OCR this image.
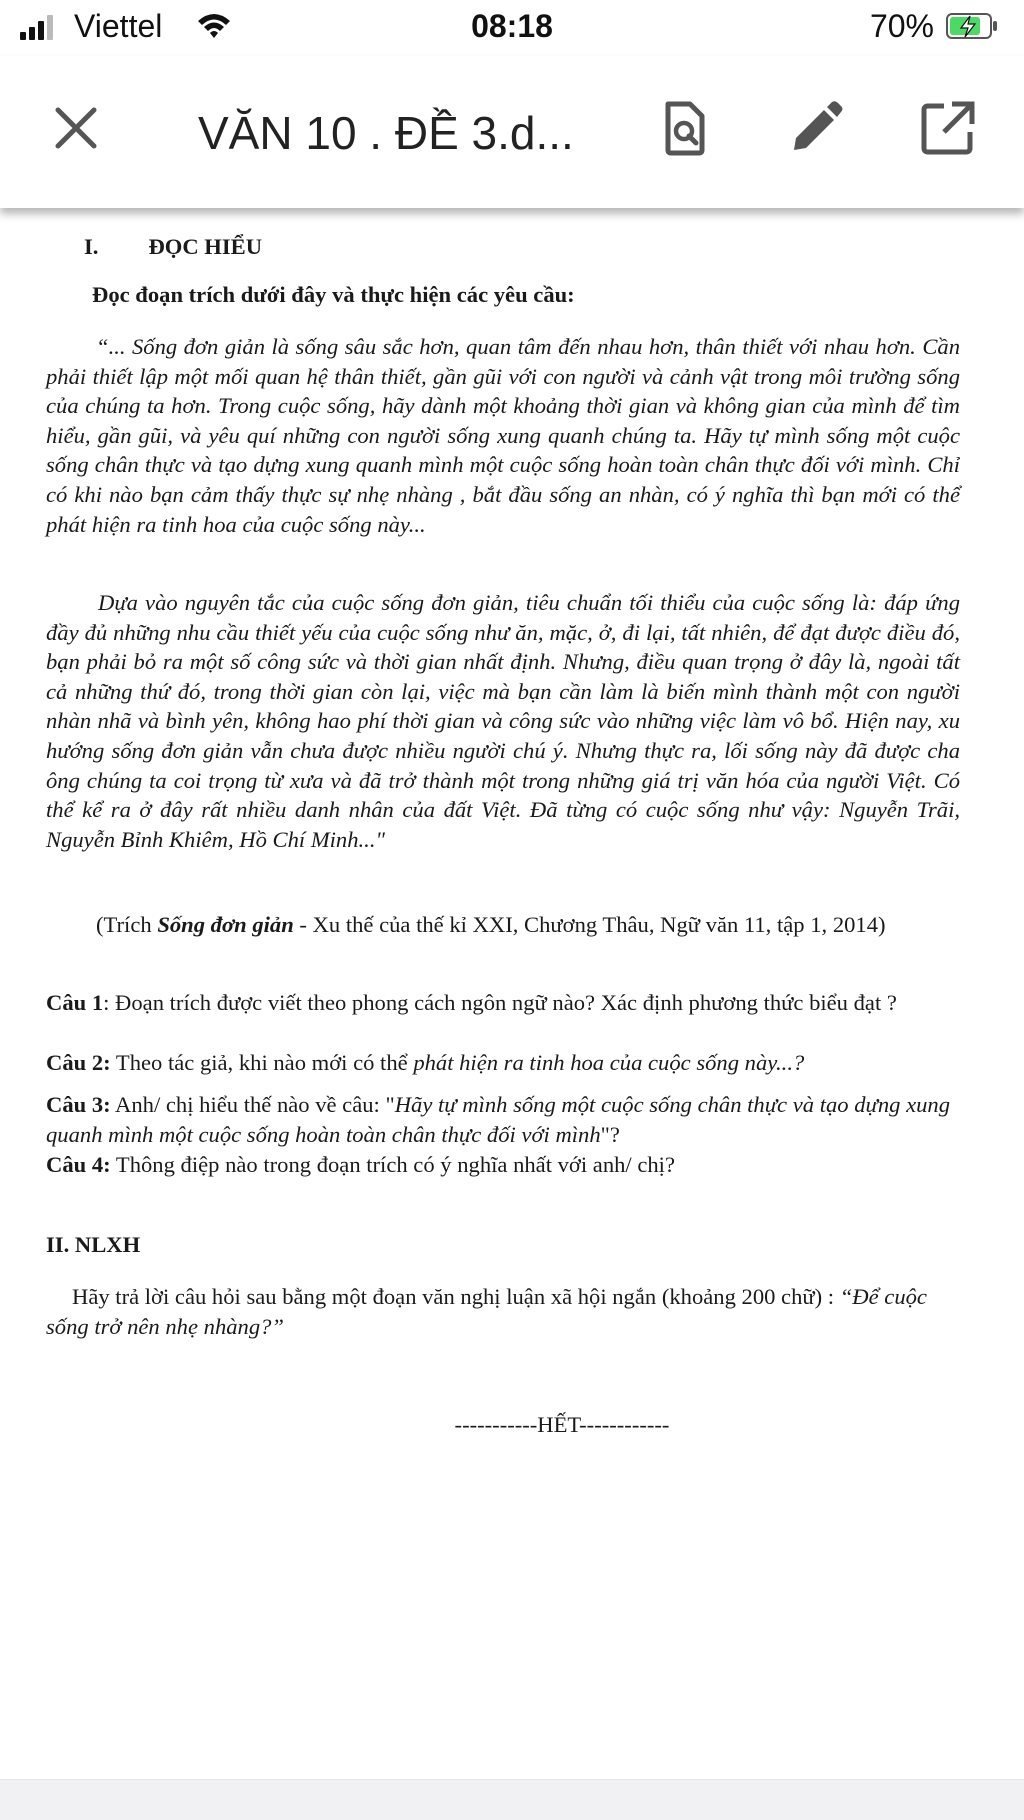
Viettel	08:18	70%
VĂN 10 . ĐỀ 3.d...

I. ĐỌC HIỂU

Đọc đoạn trích dưới đây và thực hiện các yêu cầu:

“... Sống đơn giản là sống sâu sắc hơn, quan tâm đến nhau hơn, thân thiết với nhau hơn. Cần phải thiết lập một mối quan hệ thân thiết, gần gũi với con người và cảnh vật trong môi trường sống của chúng ta hơn. Trong cuộc sống, hãy dành một khoảng thời gian và không gian của mình để tìm hiểu, gần gũi, và yêu quí những con người sống xung quanh chúng ta. Hãy tự mình sống một cuộc sống chân thực và tạo dựng xung quanh mình một cuộc sống hoàn toàn chân thực đối với mình. Chỉ có khi nào bạn cảm thấy thực sự nhẹ nhàng , bắt đầu sống an nhàn, có ý nghĩa thì bạn mới có thể phát hiện ra tinh hoa của cuộc sống này...

Dựa vào nguyên tắc của cuộc sống đơn giản, tiêu chuẩn tối thiểu của cuộc sống là: đáp ứng đầy đủ những nhu cầu thiết yếu của cuộc sống như ăn, mặc, ở, đi lại, tất nhiên, để đạt được điều đó, bạn phải bỏ ra một số công sức và thời gian nhất định. Nhưng, điều quan trọng ở đây là, ngoài tất cả những thứ đó, trong thời gian còn lại, việc mà bạn cần làm là biến mình thành một con người nhàn nhã và bình yên, không hao phí thời gian và công sức vào những việc làm vô bổ. Hiện nay, xu hướng sống đơn giản vẫn chưa được nhiều người chú ý. Nhưng thực ra, lối sống này đã được cha ông chúng ta coi trọng từ xưa và đã trở thành một trong những giá trị văn hóa của người Việt. Có thể kể ra ở đây rất nhiều danh nhân của đất Việt. Đã từng có cuộc sống như vậy: Nguyễn Trãi, Nguyễn Bỉnh Khiêm, Hồ Chí Minh..."

(Trích Sống đơn giản - Xu thế của thế kỉ XXI, Chương Thâu, Ngữ văn 11, tập 1, 2014)

Câu 1: Đoạn trích được viết theo phong cách ngôn ngữ nào? Xác định phương thức biểu đạt ?

Câu 2: Theo tác giả, khi nào mới có thể phát hiện ra tinh hoa của cuộc sống này...?

Câu 3: Anh/ chị hiểu thế nào về câu: "Hãy tự mình sống một cuộc sống chân thực và tạo dựng xung quanh mình một cuộc sống hoàn toàn chân thực đối với mình"?

Câu 4: Thông điệp nào trong đoạn trích có ý nghĩa nhất với anh/ chị?

II. NLXH

Hãy trả lời câu hỏi sau bằng một đoạn văn nghị luận xã hội ngắn (khoảng 200 chữ) : “Để cuộc sống trở nên nhẹ nhàng?”

-----------HẾT------------
